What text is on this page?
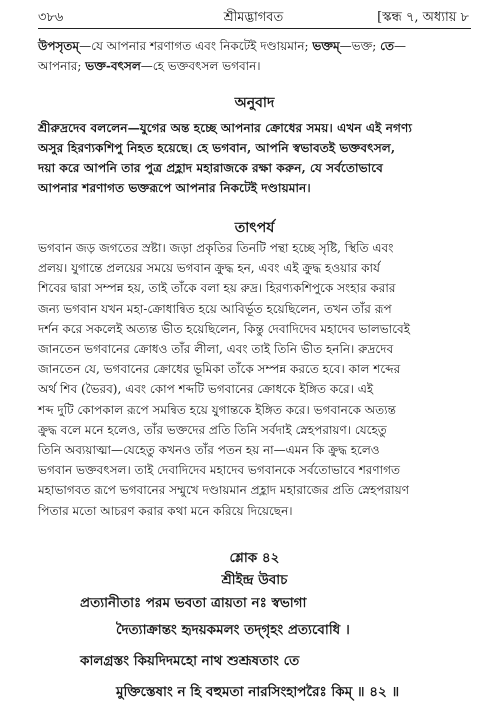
৩৮৬	শ্রীমদ্ভাগবত	[স্কন্ধ ৭, অধ্যায় ৮
উপসৃতম্—যে আপনার শরণাগত এবং নিকটেই দণ্ডায়মান; ভক্তম্—ভক্ত; তে—
আপনার; ভক্ত-বৎসল—হে ভক্তবৎসল ভগবান।
অনুবাদ
শ্রীরুদ্রদেব বললেন—যুগের অন্ত হচ্ছে আপনার ক্রোধের সময়। এখন এই নগণ্য
অসুর হিরণ্যকশিপু নিহত হয়েছে। হে ভগবান, আপনি স্বভাবতই ভক্তবৎসল,
দয়া করে আপনি তার পুত্র প্রহ্লাদ মহারাজকে রক্ষা করুন, যে সর্বতোভাবে
আপনার শরণাগত ভক্তরূপে আপনার নিকটেই দণ্ডায়মান।
তাৎপর্য
ভগবান জড় জগতের স্রষ্টা। জড়া প্রকৃতির তিনটি পন্থা হচ্ছে সৃষ্টি, স্থিতি এবং
প্রলয়। যুগান্তে প্রলয়ের সময়ে ভগবান ক্রুদ্ধ হন, এবং এই ক্রুদ্ধ হওয়ার কার্য
শিবের দ্বারা সম্পন্ন হয়, তাই তাঁকে বলা হয় রুদ্র। হিরণ্যকশিপুকে সংহার করার
জন্য ভগবান যখন মহা-ক্রোধান্বিত হয়ে আবির্ভূত হয়েছিলেন, তখন তাঁর রূপ
দর্শন করে সকলেই অত্যন্ত ভীত হয়েছিলেন, কিন্তু দেবাদিদেব মহাদেব ভালভাবেই
জানতেন ভগবানের ক্রোধও তাঁর লীলা, এবং তাই তিনি ভীত হননি। রুদ্রদেব
জানতেন যে, ভগবানের ক্রোধের ভূমিকা তাঁকে সম্পন্ন করতে হবে। কাল শব্দের
অর্থ শিব (ভৈরব), এবং কোপ শব্দটি ভগবানের ক্রোধকে ইঙ্গিত করে। এই
শব্দ দুটি কোপকাল রূপে সমন্বিত হয়ে যুগান্তকে ইঙ্গিত করে। ভগবানকে অত্যন্ত
ক্রুদ্ধ বলে মনে হলেও, তাঁর ভক্তদের প্রতি তিনি সর্বদাই স্নেহপরায়ণ। যেহেতু
তিনি অব্যয়াত্মা—যেহেতু কখনও তাঁর পতন হয় না—এমন কি ক্রুদ্ধ হলেও
ভগবান ভক্তবৎসল। তাই দেবাদিদেব মহাদেব ভগবানকে সর্বতোভাবে শরণাগত
মহাভাগবত রূপে ভগবানের সম্মুখে দণ্ডায়মান প্রহ্লাদ মহারাজের প্রতি স্নেহপরায়ণ
পিতার মতো আচরণ করার কথা মনে করিয়ে দিয়েছেন।
শ্লোক ৪২
শ্রীইন্দ্র উবাচ
প্রত্যানীতাঃ পরম ভবতা ত্রায়তা নঃ স্বভাগা
দৈত্যাক্রান্তং হৃদয়কমলং তদ্‌গৃহং প্রত্যবোধি ।
কালগ্রস্তং কিয়দিদমহো নাথ শুশ্রূষতাং তে
মুক্তিস্তেষাং ন হি বহুমতা নারসিংহাপরৈঃ কিম্‌ ॥ ৪২ ॥
